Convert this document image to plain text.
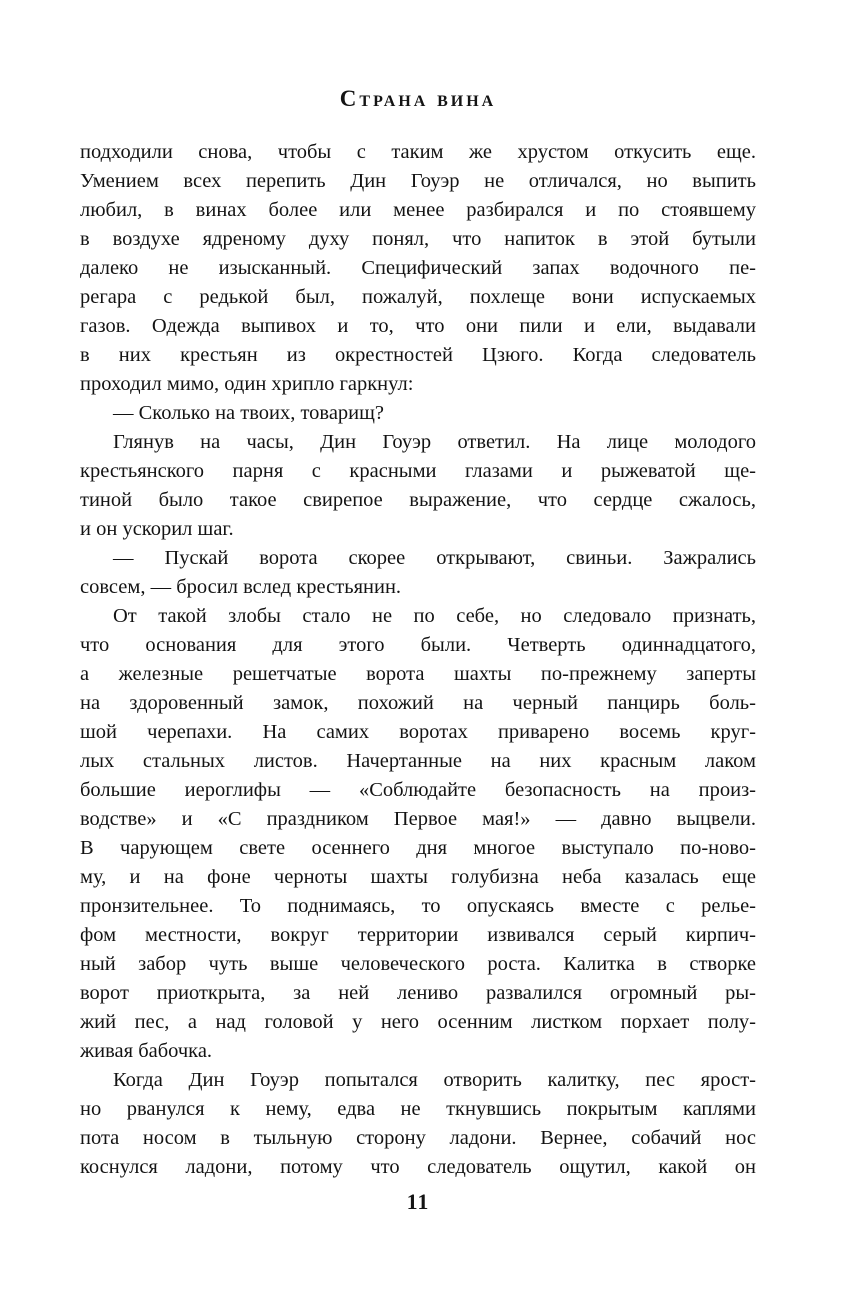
Страна вина
подходили снова, чтобы с таким же хрустом откусить еще.
Умением всех перепить Дин Гоуэр не отличался, но выпить
любил, в винах более или менее разбирался и по стоявшему
в воздухе ядреному духу понял, что напиток в этой бутыли
далеко не изысканный. Специфический запах водочного пе-
регара с редькой был, пожалуй, похлеще вони испускаемых
газов. Одежда выпивох и то, что они пили и ели, выдавали
в них крестьян из окрестностей Цзюго. Когда следователь
проходил мимо, один хрипло гаркнул:
— Сколько на твоих, товарищ?
Глянув на часы, Дин Гоуэр ответил. На лице молодого
крестьянского парня с красными глазами и рыжеватой ще-
тиной было такое свирепое выражение, что сердце сжалось,
и он ускорил шаг.
— Пускай ворота скорее открывают, свиньи. Зажрались
совсем, — бросил вслед крестьянин.
От такой злобы стало не по себе, но следовало признать,
что основания для этого были. Четверть одиннадцатого,
а железные решетчатые ворота шахты по-прежнему заперты
на здоровенный замок, похожий на черный панцирь боль-
шой черепахи. На самих воротах приварено восемь круг-
лых стальных листов. Начертанные на них красным лаком
большие иероглифы — «Соблюдайте безопасность на произ-
водстве» и «С праздником Первое мая!» — давно выцвели.
В чарующем свете осеннего дня многое выступало по-ново-
му, и на фоне черноты шахты голубизна неба казалась еще
пронзительнее. То поднимаясь, то опускаясь вместе с релье-
фом местности, вокруг территории извивался серый кирпич-
ный забор чуть выше человеческого роста. Калитка в створке
ворот приоткрыта, за ней лениво развалился огромный ры-
жий пес, а над головой у него осенним листком порхает полу-
живая бабочка.
Когда Дин Гоуэр попытался отворить калитку, пес ярост-
но рванулся к нему, едва не ткнувшись покрытым каплями
пота носом в тыльную сторону ладони. Вернее, собачий нос
коснулся ладони, потому что следователь ощутил, какой он
11
